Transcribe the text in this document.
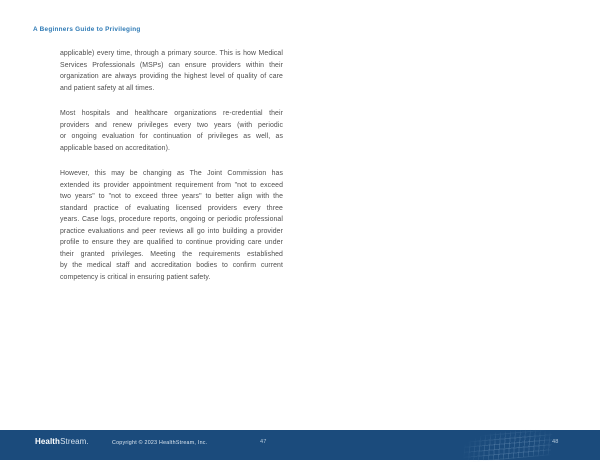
A Beginners Guide to Privileging
applicable) every time, through a primary source. This is how Medical
Services Professionals (MSPs) can ensure providers within their
organization are always providing the highest level of quality of care
and patient safety at all times.
Most hospitals and healthcare organizations re-credential their
providers and renew privileges every two years (with periodic
or ongoing evaluation for continuation of privileges as well, as
applicable based on accreditation).
However, this may be changing as The Joint Commission has
extended its provider appointment requirement from "not to exceed
two years" to "not to exceed three years" to better align with the
standard practice of evaluating licensed providers every three
years. Case logs, procedure reports, ongoing or periodic professional
practice evaluations and peer reviews all go into building a provider
profile to ensure they are qualified to continue providing care under
their granted privileges. Meeting the requirements established
by the medical staff and accreditation bodies to confirm current
competency is critical in ensuring patient safety.
HealthStream.	Copyright © 2023 HealthStream, Inc.	47	48
